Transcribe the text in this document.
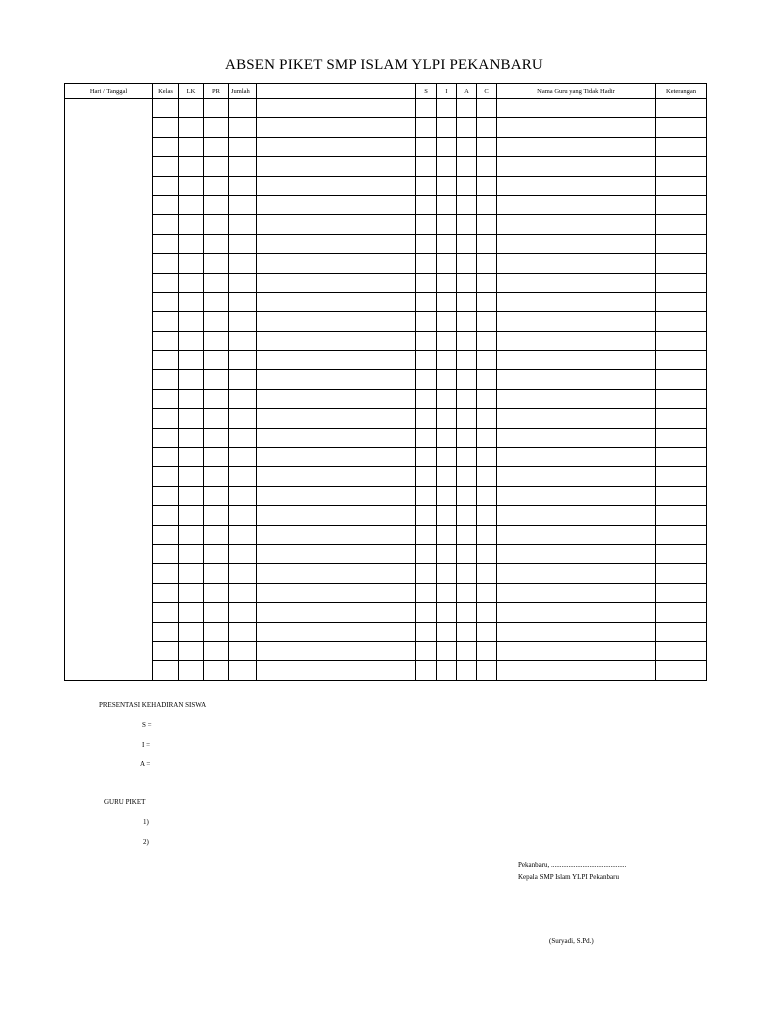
ABSEN PIKET SMP ISLAM YLPI PEKANBARU
Hari / Tanggal	Kelas	LK	PR	Jumlah		S	I	A	C	Nama Guru yang Tidak Hadir	Keterangan

PRESENTASI KEHADIRAN SISWA
S =
I =
A =
GURU PIKET
1)
2)
Pekanbaru, ...........................................
Kepala SMP Islam YLPI Pekanbaru
(Suryadi, S.Pd.)
